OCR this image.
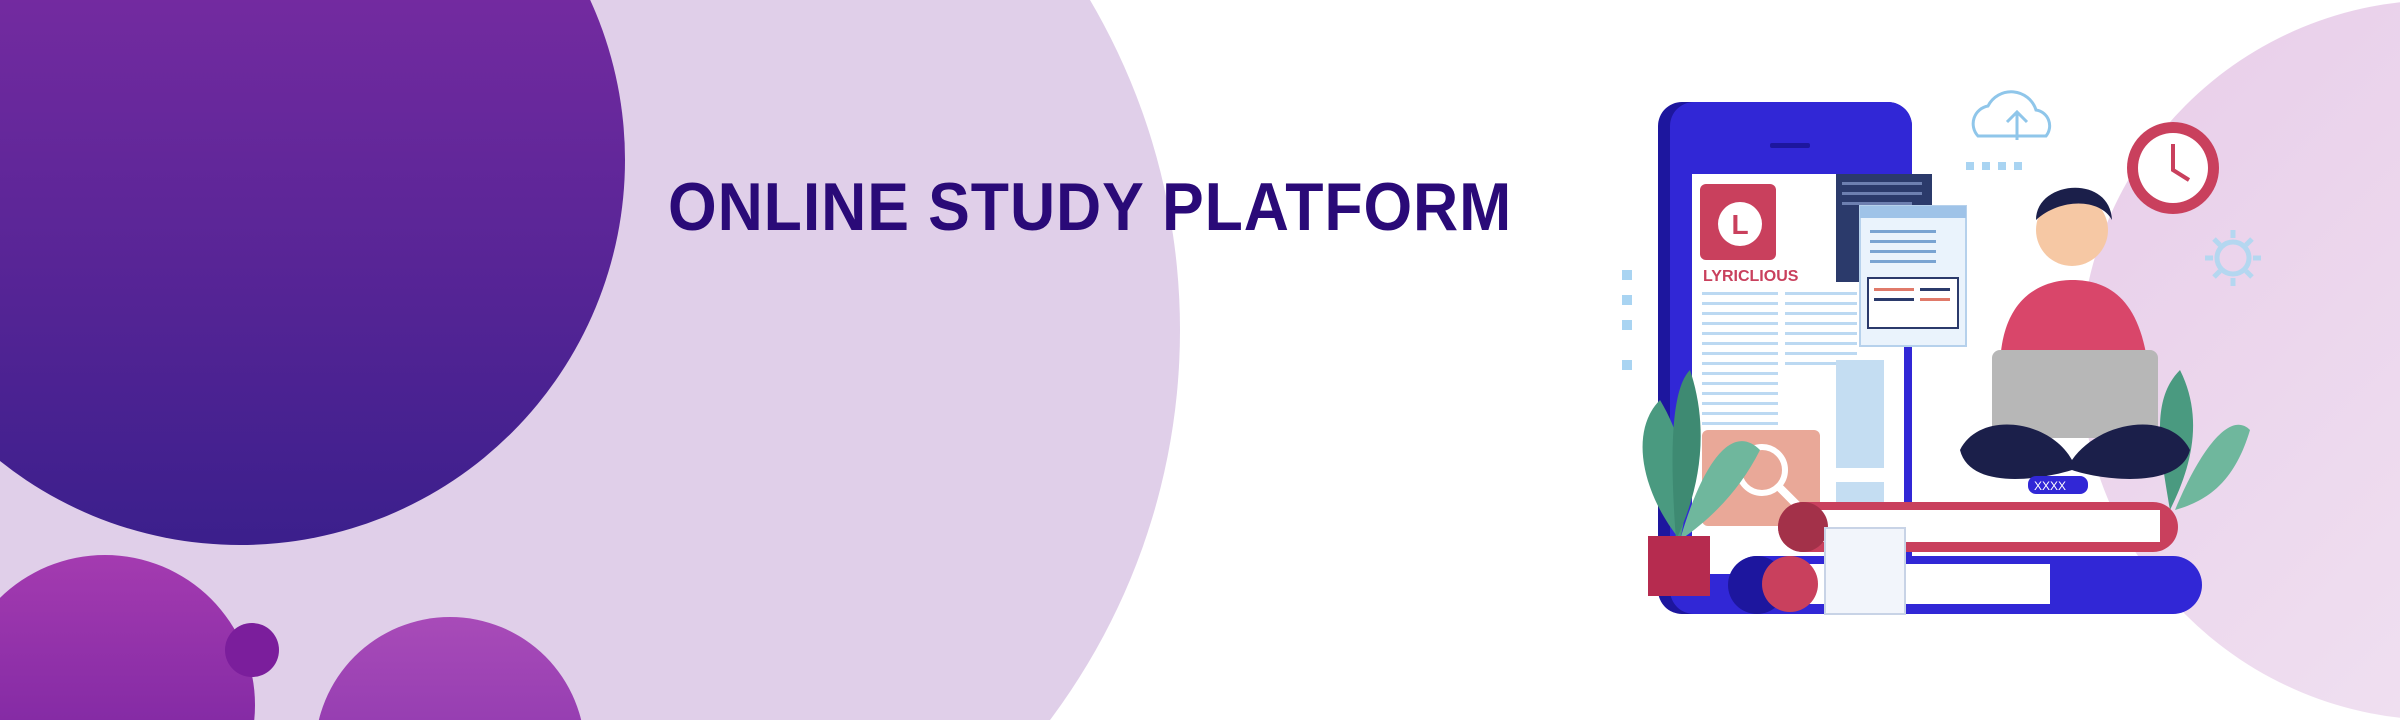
ONLINE STUDY PLATFORM	L
LYRICLIOUS
XXXX
